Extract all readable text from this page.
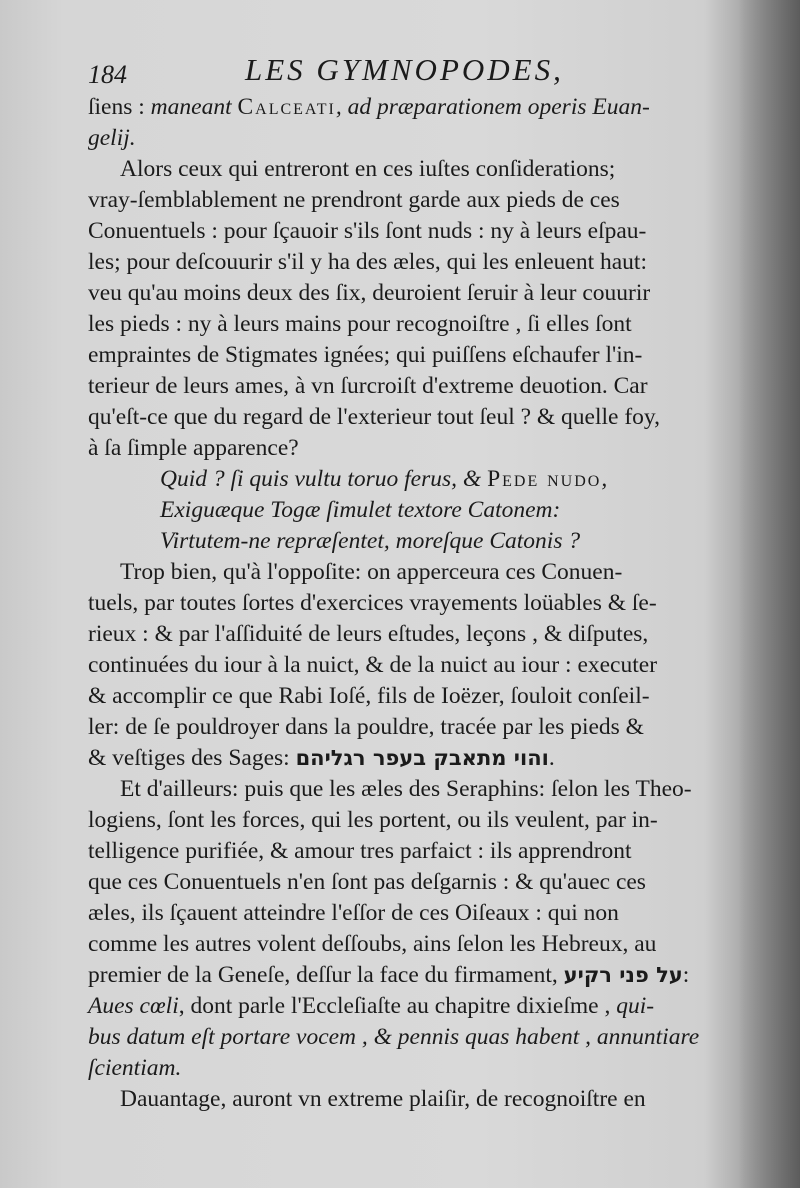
184	LES GYMNOPODES,
ſiens : maneant Calceati, ad præparationem operis Euan-
gelij.
Alors ceux qui entreront en ces iuſtes conſiderations;
vray-ſemblablement ne prendront garde aux pieds de ces
Conuentuels : pour ſçauoir s'ils ſont nuds : ny à leurs eſpau-
les; pour deſcouurir s'il y ha des æles, qui les enleuent haut:
veu qu'au moins deux des ſix, deuroient ſeruir à leur couurir
les pieds : ny à leurs mains pour recognoiſtre , ſi elles ſont
empraintes de Stigmates ignées; qui puiſſens eſchaufer l'in-
terieur de leurs ames, à vn ſurcroiſt d'extreme deuotion. Car
qu'eſt-ce que du regard de l'exterieur tout ſeul ? & quelle foy,
à ſa ſimple apparence?
Quid ? ſi quis vultu toruo ferus, & Pede nudo,
Exiguæque Togæ ſimulet textore Catonem:
Virtutem-ne repræſentet, moreſque Catonis ?
Trop bien, qu'à l'oppoſite: on apperceura ces Conuen-
tuels, par toutes ſortes d'exercices vrayements loüables & ſe-
rieux : & par l'aſſiduité de leurs eſtudes, leçons , & diſputes,
continuées du iour à la nuict, & de la nuict au iour : executer
& accomplir ce que Rabi Ioſé, fils de Ioëzer, ſouloit conſeil-
ler: de ſe pouldroyer dans la pouldre, tracée par les pieds &
& veſtiges des Sages: והוי מתאבק בעפר רגליהם.
Et d'ailleurs: puis que les æles des Seraphins: ſelon les Theo-
logiens, ſont les forces, qui les portent, ou ils veulent, par in-
telligence purifiée, & amour tres parfaict : ils apprendront
que ces Conuentuels n'en ſont pas deſgarnis : & qu'auec ces
æles, ils ſçauent atteindre l'eſſor de ces Oiſeaux : qui non
comme les autres volent deſſoubs, ains ſelon les Hebreux, au
premier de la Geneſe, deſſur la face du firmament, על פני רקיע:
Aues cœli, dont parle l'Eccleſiaſte au chapitre dixieſme , qui-
bus datum eſt portare vocem , & pennis quas habent , annuntiare
ſcientiam.
Dauantage, auront vn extreme plaiſir, de recognoiſtre en
